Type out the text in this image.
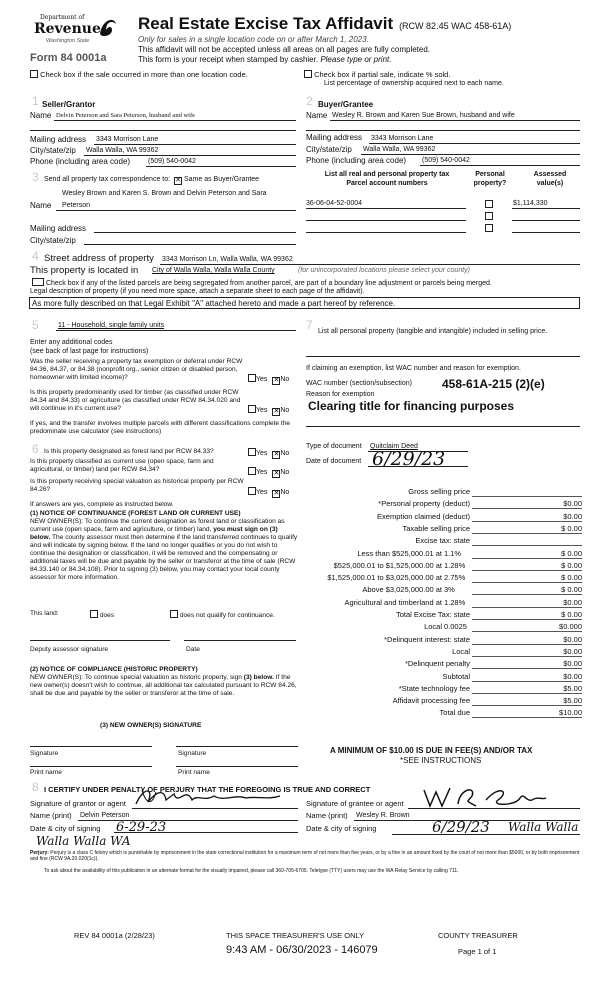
Department of
Revenue
Washington State
Form 84 0001a
Real Estate Excise Tax Affidavit (RCW 82.45 WAC 458-61A)
Only for sales in a single location code on or after March 1, 2023.
This affidavit will not be accepted unless all areas on all pages are fully completed.
This form is your receipt when stamped by cashier. Please type or print.
Check box if the sale occurred in more than one location code.	Check box if partial sale, indicate % sold.
List percentage of ownership acquired next to each name.
1 Seller/Grantor
Name Delvin Peterson and Sara Peterson, husband and wife
Mailing address 3343 Morrison Lane
City/state/zip Walla Walla, WA 99362
Phone (including area code)	(509) 540-0042
2 Buyer/Grantee
Name Wesley R. Brown and Karen Sue Brown, husband and wife
Mailing address 3343 Morrison Lane
City/state/zip Walla Walla, WA 99362
Phone (including area code) (509) 540-0042
3 Send all property tax correspondence to: ✕ Same as Buyer/Grantee
Wesley Brown and Karen S. Brown and Delvin Peterson and Sara
Name Peterson
Mailing address
City/state/zip
List all real and personal property tax
Parcel account numbers
Personal
property?
Assessed
value(s)
36-06-04-52-0004	$1,114,330
4 Street address of property 3343 Morrison Ln, Walla Walla, WA 99362
This property is located in City of Walla Walla, Walla Walla County	(for unincorporated locations please select your county)
Check box if any of the listed parcels are being segregated from another parcel, are part of a boundary line adjustment or parcels being merged.
Legal description of property (if you need more space, attach a separate sheet to each page of the affidavit).
As more fully described on that Legal Exhibit "A" attached hereto and made a part hereof by reference.
5	11 - Household, single family units
Enter any additional codes
(see back of last page for instructions)
Was the seller receiving a property tax exemption or deferral under RCW 84.36, 84.37, or 84.38 (nonprofit org., senior citizen or disabled person, homeowner with limited income)?	Yes ✕No
Is this property predominantly used for timber (as classified under RCW 84.34 and 84.33) or agriculture (as classified under RCW 84.34.020 and will continue in it's current use?	Yes ✕No
If yes, and the transfer involves multiple parcels with different classifications complete the predominate use calculator (see instructions)
6 Is this property designated as forest land per RCW 84.33?	Yes ✕No
Is this property classified as current use (open space, farm and agricultural, or timber) land per RCW 84.34?	Yes ✕No
Is this property receiving special valuation as historical property per RCW 84.26?	Yes ✕No
If answers are yes, complete as instructed below.
(1) NOTICE OF CONTINUANCE (FOREST LAND OR CURRENT USE)
NEW OWNER(S): To continue the current designation as forest land or classification as current use (open space, farm and agriculture, or timber) land, you must sign on (3) below. The county assessor must then determine if the land transferred continues to qualify and will indicate by signing below. If the land no longer qualifies or you do not wish to continue the designation or classification, it will be removed and the compensating or additional taxes will be due and payable by the seller or transferor at the time of sale (RCW 84.33.140 or 84.34.108). Prior to signing (3) below, you may contact your local county assessor for more information.
This land:	does	does not qualify for continuance.
Deputy assessor signature	Date
(2) NOTICE OF COMPLIANCE (HISTORIC PROPERTY)
NEW OWNER(S): To continue special valuation as historic property, sign (3) below. If the new owner(s) doesn't wish to continue, all additional tax calculated pursuant to RCW 84.26, shall be due and payable by the seller or transferor at the time of sale.
(3) NEW OWNER(S) SIGNATURE
Signature	Signature
Print name	Print name
7 List all personal property (tangible and intangible) included in selling price.
If claiming an exemption, list WAC number and reason for exemption.
WAC number (section/subsection)	458-61A-215 (2)(e)
Reason for exemption
Clearing title for financing purposes
Type of document Quitclaim Deed
Date of document 6/29/23
Gross selling price
*Personal property (deduct)	$0.00
Exemption claimed (deduct)	$0.00
Taxable selling price	$ 0.00
Excise tax: state
Less than $525,000.01 at 1.1%	$ 0.00
$525,000.01 to $1,525,000.00 at 1.28%	$ 0.00
$1,525,000.01 to $3,025,000.00 at 2.75%	$ 0.00
Above $3,025,000.00 at 3%	$ 0.00
Agricultural and timberland at 1.28%	$0.00
Total Excise Tax: state	$ 0.00
Local 0.0025	$0.000
*Delinquent interest: state	$0.00
Local	$0.00
*Delinquent penalty	$0.00
Subtotal	$0.00
*State technology fee	$5.00
Affidavit processing fee	$5.00
Total due	$10.00
A MINIMUM OF $10.00 IS DUE IN FEE(S) AND/OR TAX
*SEE INSTRUCTIONS
8 I CERTIFY UNDER PENALTY OF PERJURY THAT THE FOREGOING IS TRUE AND CORRECT
Signature of grantor or agent
Name (print) Delvin Peterson
Date & city of signing 6-29-23
Walla Walla WA
Signature of grantee or agent
Name (print) Wesley R. Brown
Date & city of signing	6/29/23 Walla Walla
Perjury: Perjury is a class C felony which is punishable by imprisonment in the state correctional institution for a maximum term of not more than five years, or by a fine in an amount fixed by the court of not more than $5000, or by both imprisonment and fine (RCW 9A.20.020(1c)).
To ask about the availability of this publication in an alternate format for the visually impaired, please call 360-705-6705. Teletype (TTY) users may use the WA Relay Service by calling 711.
REV 84 0001a (2/28/23)	THIS SPACE TREASURER'S USE ONLY	COUNTY TREASURER
9:43 AM - 06/30/2023 - 146079	Page 1 of 1
